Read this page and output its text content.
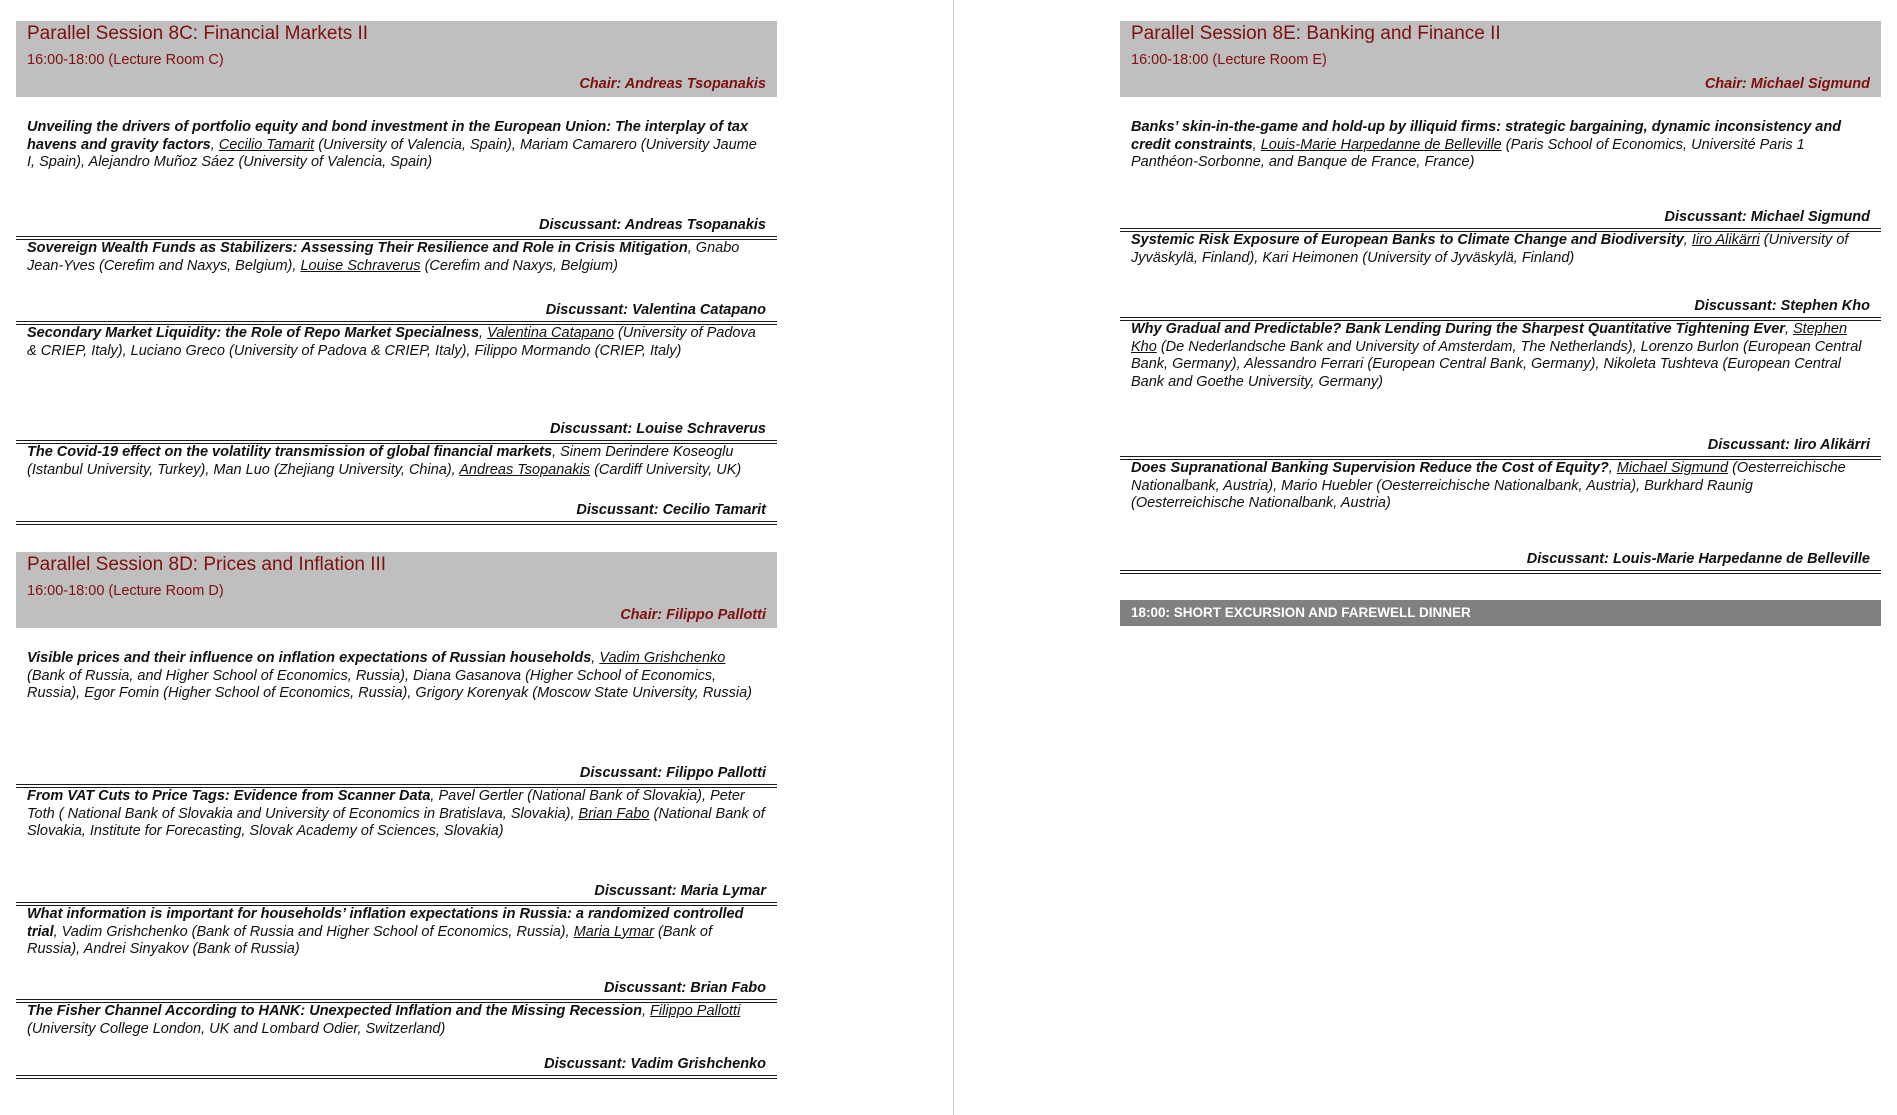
Parallel Session 8C: Financial Markets II
16:00-18:00 (Lecture Room C)
Chair: Andreas Tsopanakis

Unveiling the drivers of portfolio equity and bond investment in the European Union: The interplay of tax havens and gravity factors, Cecilio Tamarit (University of Valencia, Spain), Mariam Camarero (University Jaume I, Spain), Alejandro Muñoz Sáez (University of Valencia, Spain)

Discussant: Andreas Tsopanakis

Sovereign Wealth Funds as Stabilizers: Assessing Their Resilience and Role in Crisis Mitigation, Gnabo Jean-Yves (Cerefim and Naxys, Belgium), Louise Schraverus (Cerefim and Naxys, Belgium)

Discussant: Valentina Catapano

Secondary Market Liquidity: the Role of Repo Market Specialness, Valentina Catapano (University of Padova & CRIEP, Italy), Luciano Greco (University of Padova & CRIEP, Italy), Filippo Mormando (CRIEP, Italy)

Discussant: Louise Schraverus

The Covid-19 effect on the volatility transmission of global financial markets, Sinem Derindere Koseoglu (Istanbul University, Turkey), Man Luo (Zhejiang University, China), Andreas Tsopanakis (Cardiff University, UK)

Discussant: Cecilio Tamarit
Parallel Session 8D: Prices and Inflation III
16:00-18:00 (Lecture Room D)
Chair: Filippo Pallotti

Visible prices and their influence on inflation expectations of Russian households, Vadim Grishchenko (Bank of Russia, and Higher School of Economics, Russia), Diana Gasanova (Higher School of Economics, Russia), Egor Fomin (Higher School of Economics, Russia), Grigory Korenyak (Moscow State University, Russia)

Discussant: Filippo Pallotti

From VAT Cuts to Price Tags: Evidence from Scanner Data, Pavel Gertler (National Bank of Slovakia), Peter Toth ( National Bank of Slovakia and University of Economics in Bratislava, Slovakia), Brian Fabo (National Bank of Slovakia, Institute for Forecasting, Slovak Academy of Sciences, Slovakia)

Discussant: Maria Lymar

What information is important for households’ inflation expectations in Russia: a randomized controlled trial, Vadim Grishchenko (Bank of Russia and Higher School of Economics, Russia), Maria Lymar (Bank of Russia), Andrei Sinyakov (Bank of Russia)

Discussant: Brian Fabo

The Fisher Channel According to HANK: Unexpected Inflation and the Missing Recession, Filippo Pallotti (University College London, UK and Lombard Odier, Switzerland)

Discussant: Vadim Grishchenko
Parallel Session 8E: Banking and Finance II
16:00-18:00 (Lecture Room E)
Chair: Michael Sigmund

Banks’ skin-in-the-game and hold-up by illiquid firms: strategic bargaining, dynamic inconsistency and credit constraints, Louis-Marie Harpedanne de Belleville (Paris School of Economics, Université Paris 1 Panthéon-Sorbonne, and Banque de France, France)

Discussant: Michael Sigmund

Systemic Risk Exposure of European Banks to Climate Change and Biodiversity, Iiro Alikärri (University of Jyväskylä, Finland), Kari Heimonen (University of Jyväskylä, Finland)

Discussant: Stephen Kho

Why Gradual and Predictable? Bank Lending During the Sharpest Quantitative Tightening Ever, Stephen Kho (De Nederlandsche Bank and University of Amsterdam, The Netherlands), Lorenzo Burlon (European Central Bank, Germany), Alessandro Ferrari (European Central Bank, Germany), Nikoleta Tushteva (European Central Bank and Goethe University, Germany)

Discussant: Iiro Alikärri

Does Supranational Banking Supervision Reduce the Cost of Equity?, Michael Sigmund (Oesterreichische Nationalbank, Austria), Mario Huebler (Oesterreichische Nationalbank, Austria), Burkhard Raunig (Oesterreichische Nationalbank, Austria)

Discussant: Louis-Marie Harpedanne de Belleville
18:00: SHORT EXCURSION AND FAREWELL DINNER
